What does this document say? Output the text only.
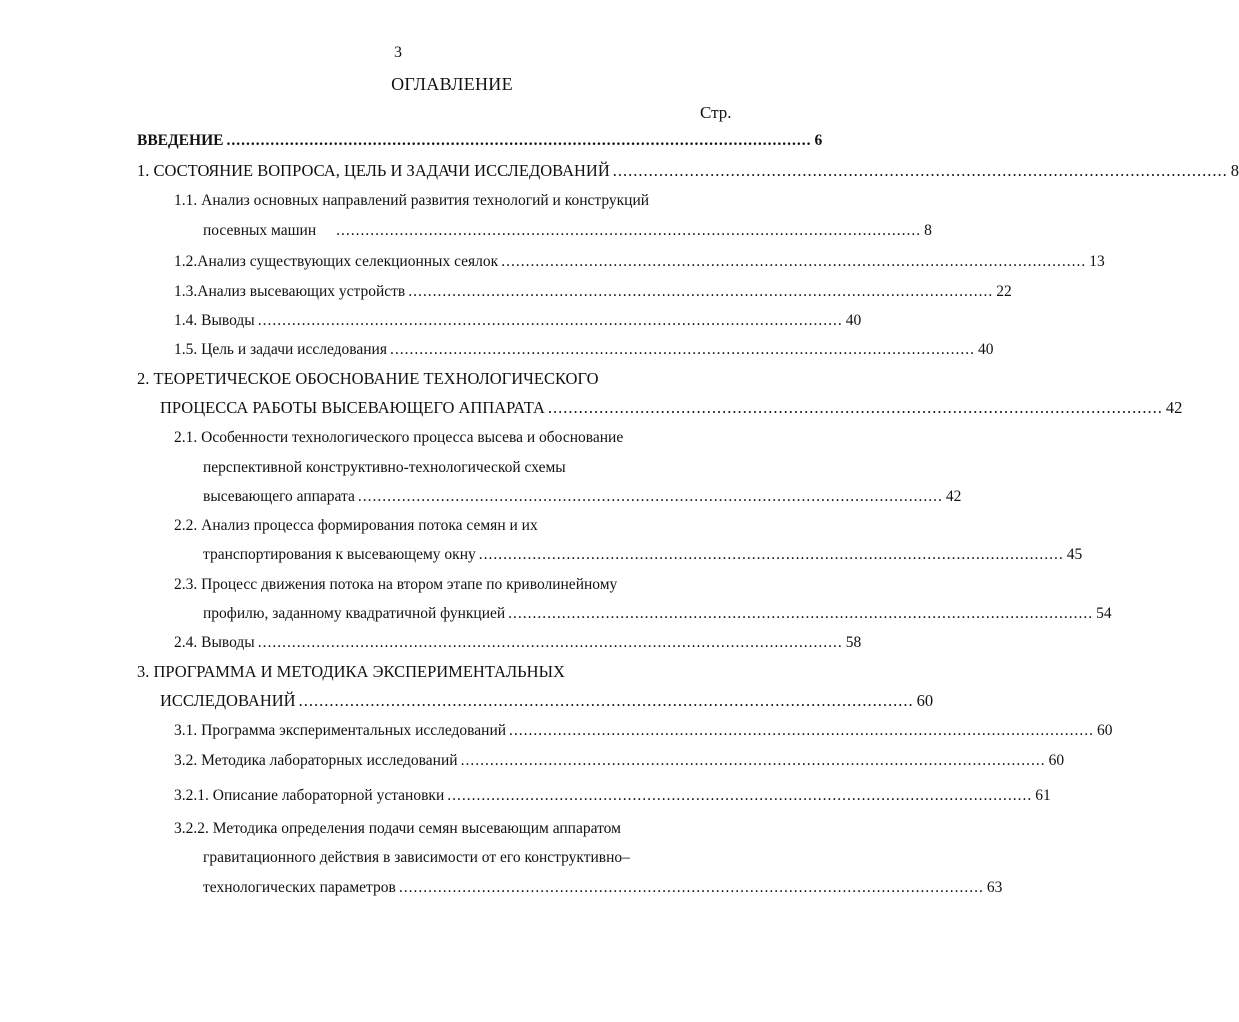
3
ОГЛАВЛЕНИЕ
Стр.
ВВЕДЕНИЕ ........................................................................................................................ 6
1. СОСТОЯНИЕ ВОПРОСА, ЦЕЛЬ И ЗАДАЧИ ИССЛЕДОВАНИЙ ........................................................................................................................ 8
1.1. Анализ основных направлений развития технологий и конструкций
посевных машин ........................................................................................................................ 8
1.2.Анализ существующих селекционных сеялок ........................................................................................................................ 13
1.3.Анализ высевающих устройств ........................................................................................................................ 22
1.4. Выводы ........................................................................................................................ 40
1.5. Цель и задачи исследования ........................................................................................................................ 40
2. ТЕОРЕТИЧЕСКОЕ ОБОСНОВАНИЕ ТЕХНОЛОГИЧЕСКОГО
ПРОЦЕССА РАБОТЫ ВЫСЕВАЮЩЕГО АППАРАТА ........................................................................................................................ 42
2.1. Особенности технологического процесса высева и обоснование
перспективной конструктивно-технологической схемы
высевающего аппарата ........................................................................................................................ 42
2.2. Анализ процесса формирования потока семян и их
транспортирования к высевающему окну ........................................................................................................................ 45
2.3. Процесс движения потока на втором этапе по криволинейному
профилю, заданному квадратичной функцией ........................................................................................................................ 54
2.4. Выводы ........................................................................................................................ 58
3. ПРОГРАММА И МЕТОДИКА ЭКСПЕРИМЕНТАЛЬНЫХ
ИССЛЕДОВАНИЙ ........................................................................................................................ 60
3.1. Программа экспериментальных исследований ........................................................................................................................ 60
3.2. Методика лабораторных исследований ........................................................................................................................ 60
3.2.1. Описание лабораторной установки ........................................................................................................................ 61
3.2.2. Методика определения подачи семян высевающим аппаратом
гравитационного действия в зависимости от его конструктивно–
технологических параметров ........................................................................................................................ 63
